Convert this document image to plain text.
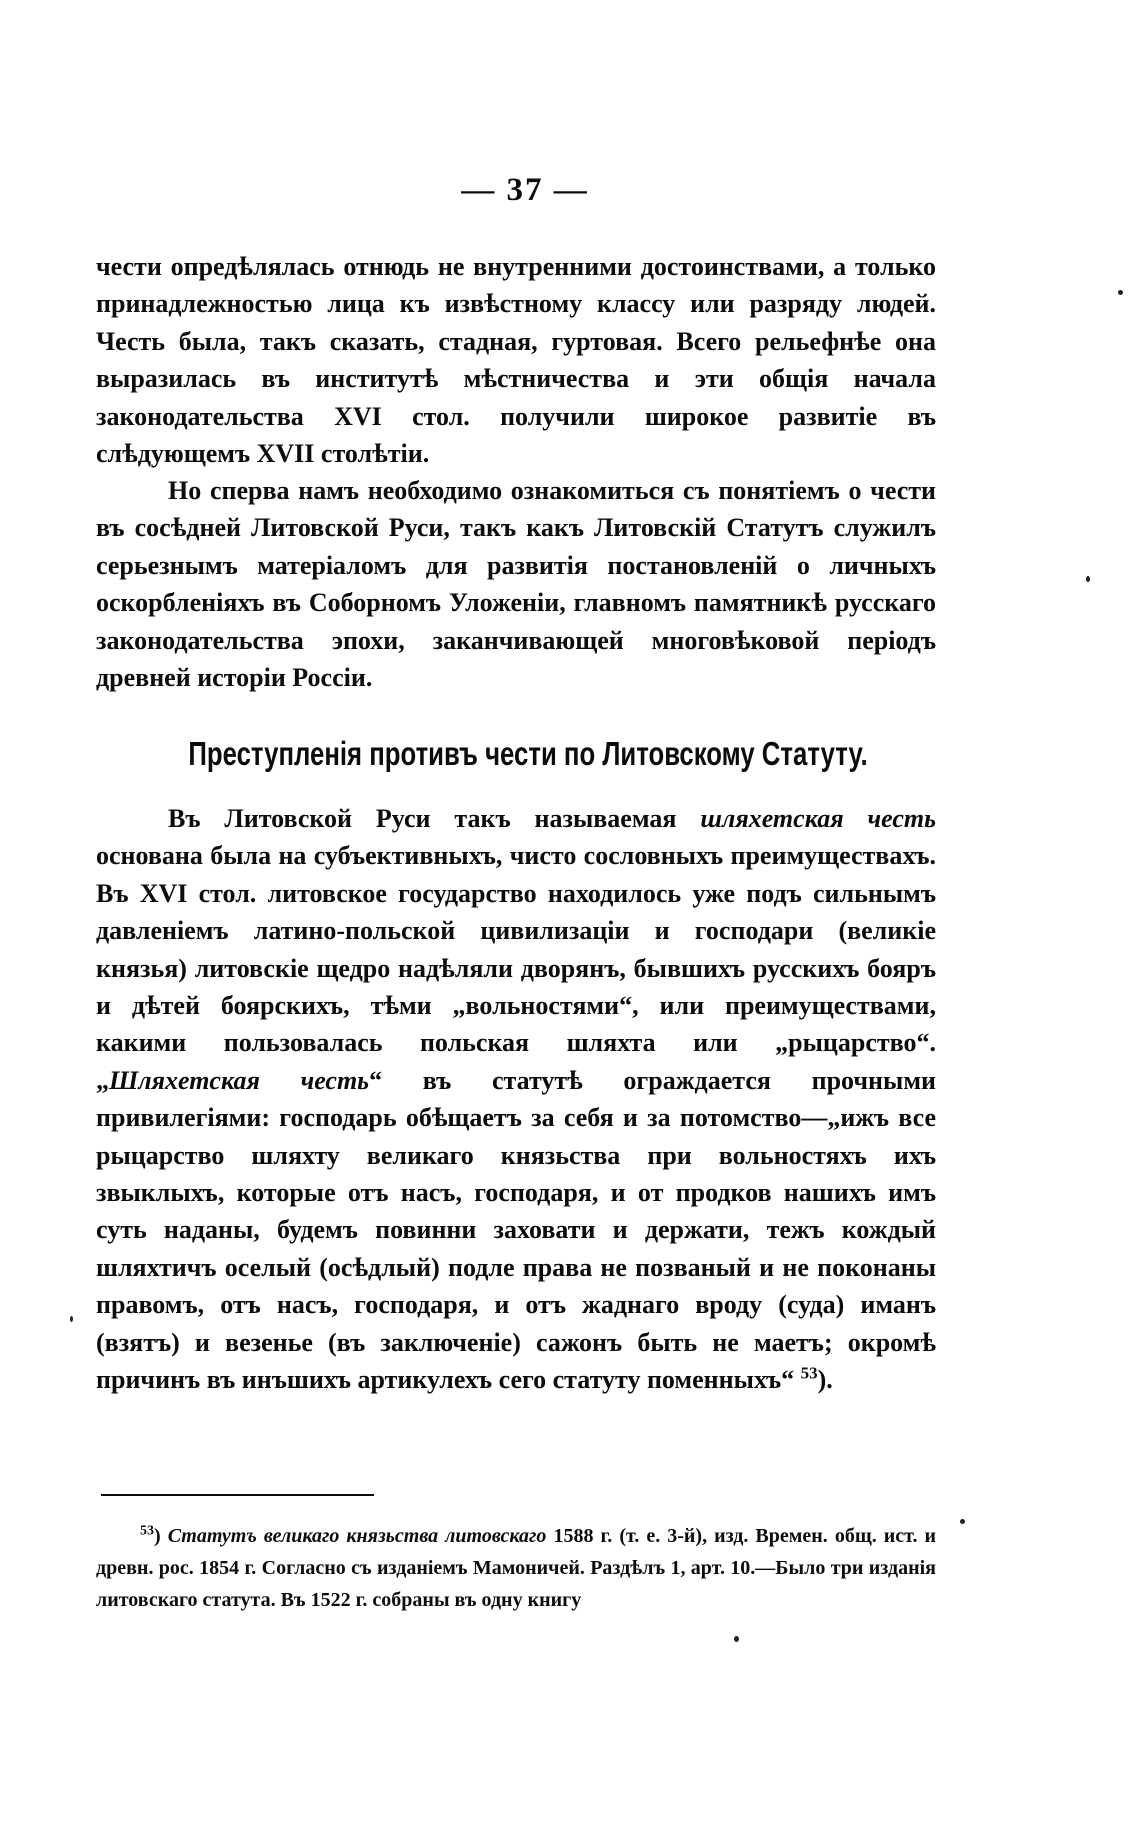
— 37 —

чести опредѣлялась отнюдь не внутренними достоинствами, а только принадлежностью лица къ извѣстному классу или разряду людей. Честь была, такъ сказать, стадная, гуртовая. Всего рельефнѣе она выразилась въ институтѣ мѣстничества и эти общія начала законодательства XVI стол. получили широкое развитіе въ слѣдующемъ XVII столѣтіи.

Но сперва намъ необходимо ознакомиться съ понятіемъ о чести въ сосѣдней Литовской Руси, такъ какъ Литовскій Статутъ служилъ серьезнымъ матеріаломъ для развитія постановленій о личныхъ оскорбленіяхъ въ Соборномъ Уложеніи, главномъ памятникѣ русскаго законодательства эпохи, заканчивающей многовѣковой періодъ древней исторіи Россіи.

Преступленія противъ чести по Литовскому Статуту.

Въ Литовской Руси такъ называемая шляхетская честь основана была на субъективныхъ, чисто сословныхъ преимуществахъ. Въ XVI стол. литовское государство находилось уже подъ сильнымъ давленіемъ латино-польской цивилизаціи и господари (великіе князья) литовскіе щедро надѣляли дворянъ, бывшихъ русскихъ бояръ и дѣтей боярскихъ, тѣми „вольностями“, или преимуществами, какими пользовалась польская шляхта или „рыцарство“. „Шляхетская честь“ въ статутѣ ограждается прочными привилегіями: господарь обѣщаетъ за себя и за потомство—„ижъ все рыцарство шляхту великаго князьства при вольностяхъ ихъ звыклыхъ, которые отъ насъ, господаря, и от продков нашихъ имъ суть наданы, будемъ повинни заховати и держати, тежъ кождый шляхтичъ оселый (осѣдлый) подле права не позваный и не поконаны правомъ, отъ насъ, господаря, и отъ жаднаго вроду (суда) иманъ (взятъ) и везенье (въ заключеніе) сажонъ быть не маетъ; окромѣ причинъ въ инъшихъ артикулехъ сего статуту поменныхъ“ $^{53}$).

$^{53}$) Статутъ великаго князьства литовскаго 1588 г. (т. е. 3-й), изд. Времен. общ. ист. и древн. рос. 1854 г. Согласно съ изданіемъ Мамоничей. Раздѣлъ 1, арт. 10.—Было три изданія литовскаго статута. Въ 1522 г. собраны въ одну книгу
